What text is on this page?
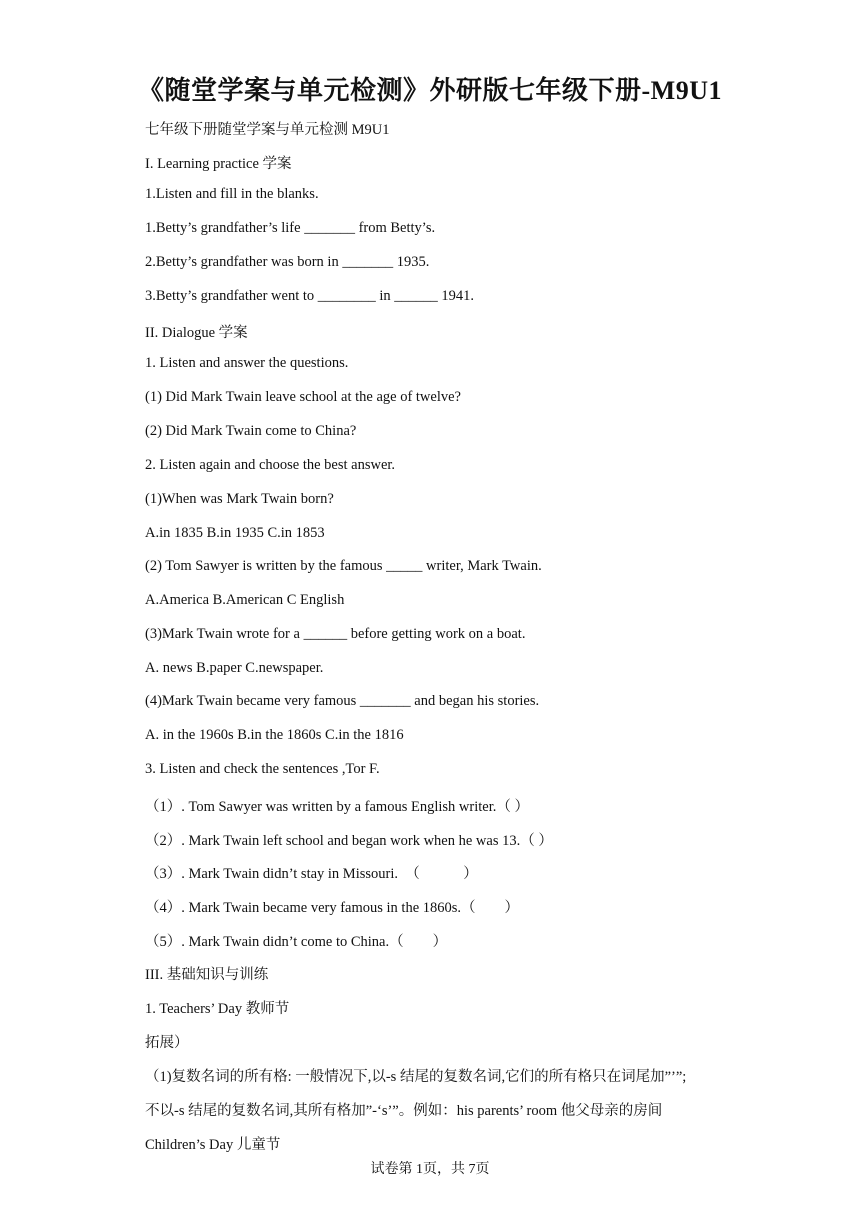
《随堂学案与单元检测》外研版七年级下册-M9U1
七年级下册随堂学案与单元检测 M9U1
I. Learning practice 学案
1.Listen and fill in the blanks.
1.Betty’s grandfather’s life _______ from Betty’s.
2.Betty’s grandfather was born in _______ 1935.
3.Betty’s grandfather went to ________ in ______ 1941.
II. Dialogue 学案
1. Listen and answer the questions.
(1) Did Mark Twain leave school at the age of twelve?
(2) Did Mark Twain come to China?
2. Listen again and choose the best answer.
(1)When was Mark Twain born?
A.in 1835 B.in 1935 C.in 1853
(2) Tom Sawyer is written by the famous _____ writer, Mark Twain.
A.America B.American C English
(3)Mark Twain wrote for a ______ before getting work on a boat.
A. news B.paper C.newspaper.
(4)Mark Twain became very famous _______ and began his stories.
A. in the 1960s B.in the 1860s C.in the 1816
3. Listen and check the sentences ,Tor F.
（1）. Tom Sawyer was written by a famous English writer.（ ）
（2）. Mark Twain left school and began work when he was 13.（ ）
（3）. Mark Twain didn’t stay in Missouri.　（　　　）
（4）. Mark Twain became very famous in the 1860s.（　　）
（5）. Mark Twain didn’t come to China.（　　）
III. 基础知识与训练
1. Teachers’ Day 教师节
拓展）
（1)复数名词的所有格: 一般情况下,以-s 结尾的复数名词,它们的所有格只在词尾加”’”;
不以-s 结尾的复数名词,其所有格加”-‘s’”。例如：his parents’ room 他父母亲的房间
Children’s Day 儿童节
试卷第 1页，共 7页
